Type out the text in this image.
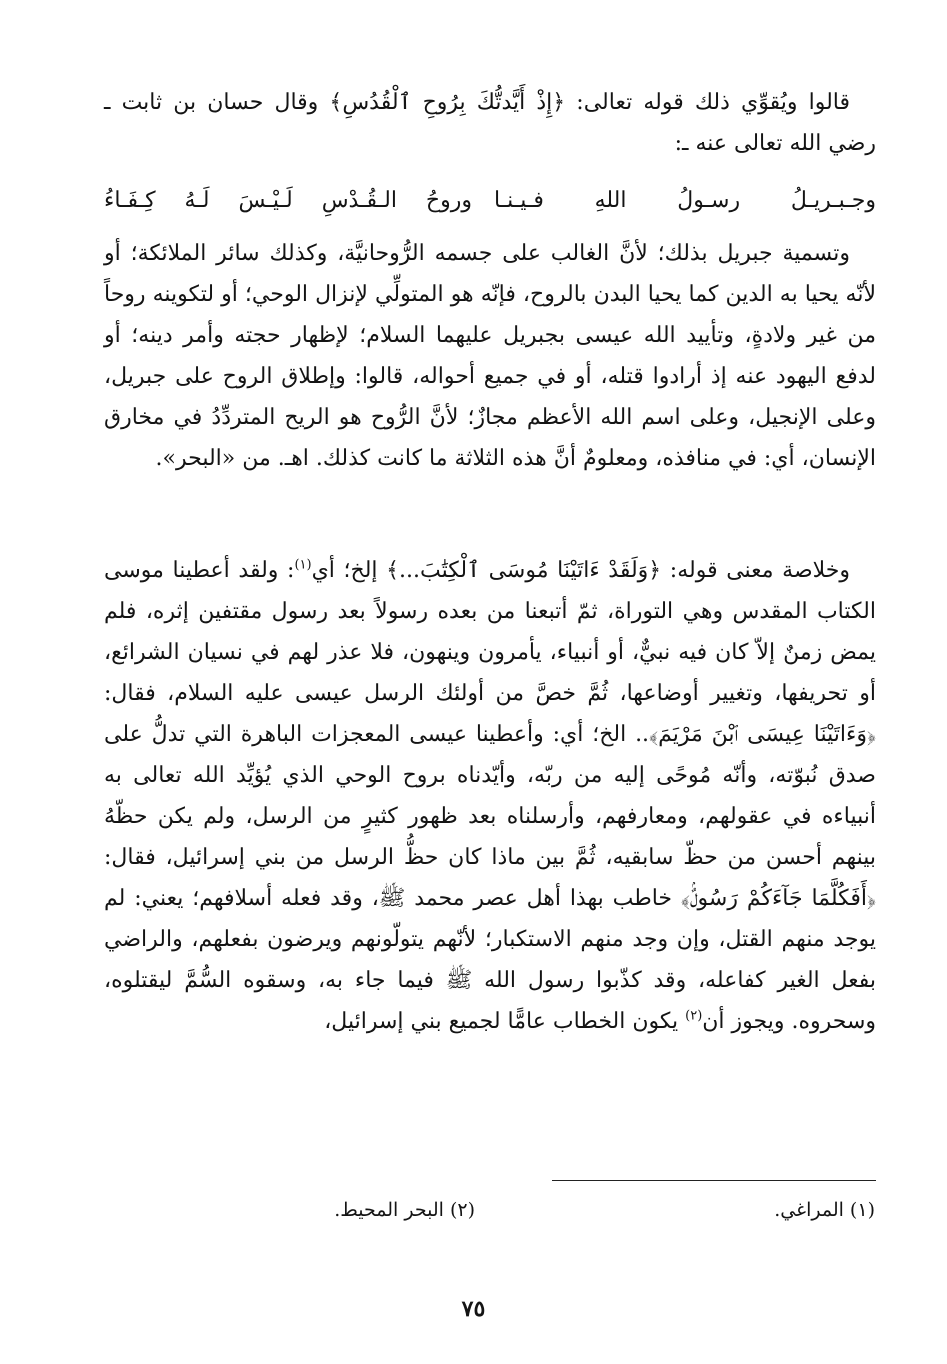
قالوا ويُقوِّي ذلك قوله تعالى: ﴿إِذْ أَيَّدتُّكَ بِرُوحِ ٱلْقُدُسِ﴾ وقال حسان بن ثابت ـ رضي الله تعالى عنه ـ:
وجـبـريـلُ رسـولُ اللهِ فـيـنـا
وروحُ الـقُـدْسِ لَـيْـسَ لَـهُ كِـفَـاءُ
وتسمية جبريل بذلك؛ لأنَّ الغالب على جسمه الرُّوحانيَّة، وكذلك سائر الملائكة؛ أو لأنّه يحيا به الدين كما يحيا البدن بالروح، فإنّه هو المتولِّي لإنزال الوحي؛ أو لتكوينه روحاً من غير ولادةٍ، وتأييد الله عيسى بجبريل عليهما السلام؛ لإظهار حجته وأمر دينه؛ أو لدفع اليهود عنه إذ أرادوا قتله، أو في جميع أحواله، قالوا: وإطلاق الروح على جبريل، وعلى الإنجيل، وعلى اسم الله الأعظم مجازٌ؛ لأنَّ الرُّوح هو الريح المتردِّدُ في مخارق الإنسان، أي: في منافذه، ومعلومٌ أنَّ هذه الثلاثة ما كانت كذلك. اهـ. من «البحر».
وخلاصة معنى قوله: ﴿وَلَقَدْ ءَاتَيْنَا مُوسَى ٱلْكِتَٰبَ...﴾ إلخ؛ أي$^{(١)}$: ولقد أعطينا موسى الكتاب المقدس وهي التوراة، ثمّ أتبعنا من بعده رسولاً بعد رسول مقتفين إثره، فلم يمض زمنٌ إلاّ كان فيه نبيٌّ، أو أنبياء، يأمرون وينهون، فلا عذر لهم في نسيان الشرائع، أو تحريفها، وتغيير أوضاعها، ثُمَّ خصَّ من أولئك الرسل عيسى عليه السلام، فقال: ﴿وَءَاتَيْنَا عِيسَى ٱبْنَ مَرْيَمَ﴾.. الخ؛ أي: وأعطينا عيسى المعجزات الباهرة التي تدلُّ على صدق نُبوّته، وأنّه مُوحًى إليه من ربّه، وأيّدناه بروح الوحي الذي يُؤيِّد الله تعالى به أنبياءه في عقولهم، ومعارفهم، وأرسلناه بعد ظهور كثيرٍ من الرسل، ولم يكن حظّهُ بينهم أحسن من حظّ سابقيه، ثُمَّ بين ماذا كان حظُّ الرسل من بني إسرائيل، فقال: ﴿أَفَكُلَّمَا جَآءَكُمْ رَسُولٌۢ﴾ خاطب بهذا أهل عصر محمد ﷺ، وقد فعله أسلافهم؛ يعني: لم يوجد منهم القتل، وإن وجد منهم الاستكبار؛ لأنّهم يتولّونهم ويرضون بفعلهم، والراضي بفعل الغير كفاعله، وقد كذّبوا رسول الله ﷺ فيما جاء به، وسقوه السُّمَّ ليقتلوه، وسحروه. ويجوز أن$^{(٢)}$ يكون الخطاب عامًّا لجميع بني إسرائيل،
(١) المراغي.
(٢) البحر المحيط.
٧٥
